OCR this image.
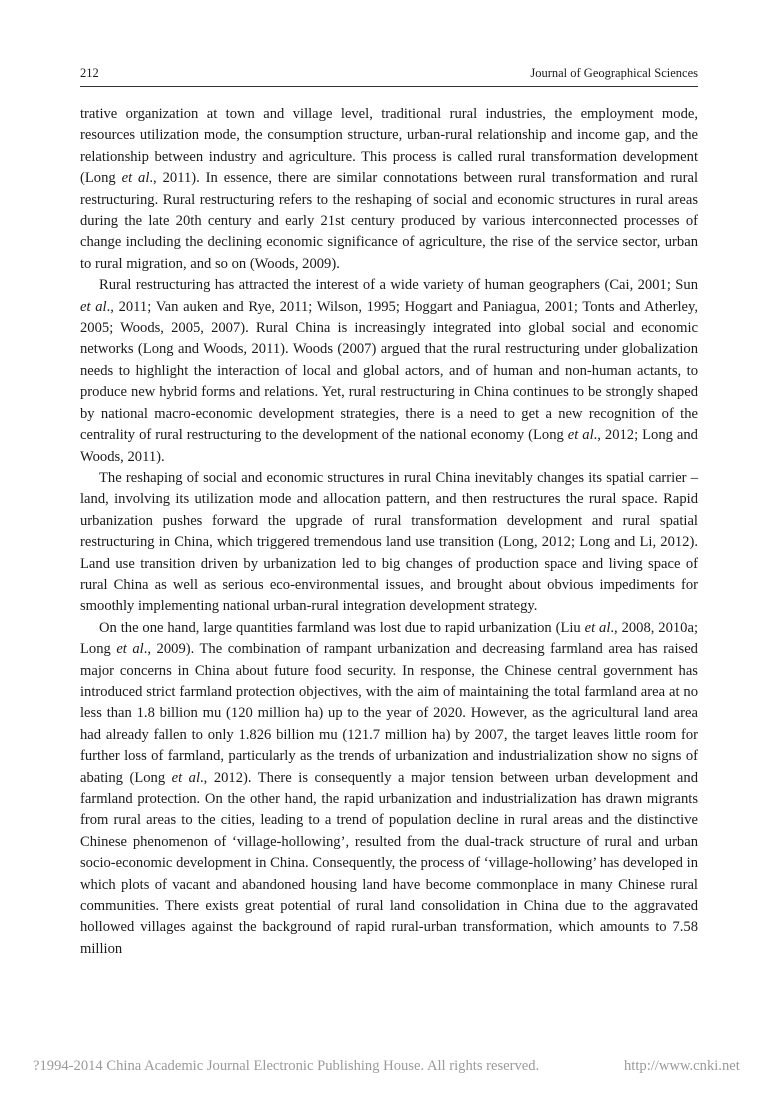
212	Journal of Geographical Sciences

trative organization at town and village level, traditional rural industries, the employment mode, resources utilization mode, the consumption structure, urban-rural relationship and income gap, and the relationship between industry and agriculture. This process is called rural transformation development (Long et al., 2011). In essence, there are similar connotations between rural transformation and rural restructuring. Rural restructuring refers to the reshaping of social and economic structures in rural areas during the late 20th century and early 21st century produced by various interconnected processes of change including the declining economic significance of agriculture, the rise of the service sector, urban to rural migration, and so on (Woods, 2009).

Rural restructuring has attracted the interest of a wide variety of human geographers (Cai, 2001; Sun et al., 2011; Van auken and Rye, 2011; Wilson, 1995; Hoggart and Paniagua, 2001; Tonts and Atherley, 2005; Woods, 2005, 2007). Rural China is increasingly integrated into global social and economic networks (Long and Woods, 2011). Woods (2007) argued that the rural restructuring under globalization needs to highlight the interaction of local and global actors, and of human and non-human actants, to produce new hybrid forms and relations. Yet, rural restructuring in China continues to be strongly shaped by national macro-economic development strategies, there is a need to get a new recognition of the centrality of rural restructuring to the development of the national economy (Long et al., 2012; Long and Woods, 2011).

The reshaping of social and economic structures in rural China inevitably changes its spatial carrier – land, involving its utilization mode and allocation pattern, and then restructures the rural space. Rapid urbanization pushes forward the upgrade of rural transformation development and rural spatial restructuring in China, which triggered tremendous land use transition (Long, 2012; Long and Li, 2012). Land use transition driven by urbanization led to big changes of production space and living space of rural China as well as serious eco-environmental issues, and brought about obvious impediments for smoothly implementing national urban-rural integration development strategy.

On the one hand, large quantities farmland was lost due to rapid urbanization (Liu et al., 2008, 2010a; Long et al., 2009). The combination of rampant urbanization and decreasing farmland area has raised major concerns in China about future food security. In response, the Chinese central government has introduced strict farmland protection objectives, with the aim of maintaining the total farmland area at no less than 1.8 billion mu (120 million ha) up to the year of 2020. However, as the agricultural land area had already fallen to only 1.826 billion mu (121.7 million ha) by 2007, the target leaves little room for further loss of farmland, particularly as the trends of urbanization and industrialization show no signs of abating (Long et al., 2012). There is consequently a major tension between urban development and farmland protection. On the other hand, the rapid urbanization and industrialization has drawn migrants from rural areas to the cities, leading to a trend of population decline in rural areas and the distinctive Chinese phenomenon of ‘village-hollowing’, resulted from the dual-track structure of rural and urban socio-economic development in China. Consequently, the process of ‘village-hollowing’ has developed in which plots of vacant and abandoned housing land have become commonplace in many Chinese rural communities. There exists great potential of rural land consolidation in China due to the aggravated hollowed villages against the background of rapid rural-urban transformation, which amounts to 7.58 million

?1994-2014 China Academic Journal Electronic Publishing House. All rights reserved.	http://www.cnki.net
